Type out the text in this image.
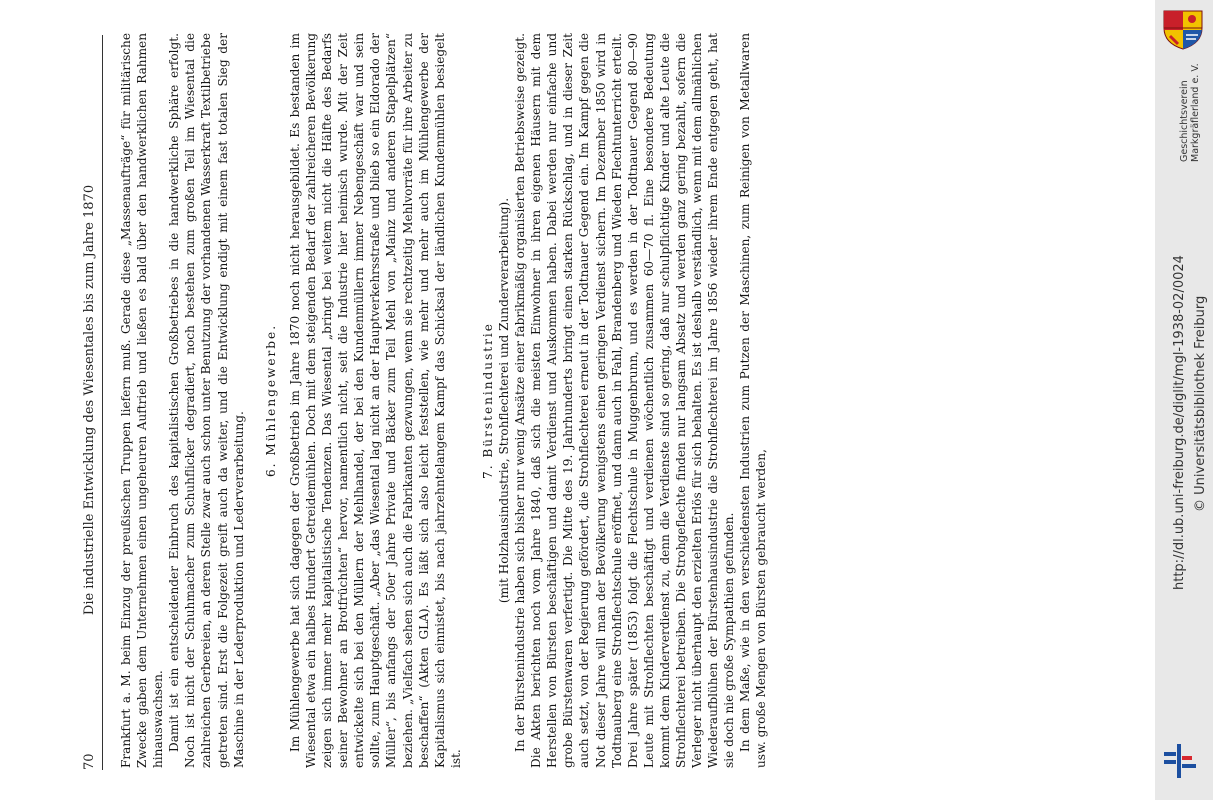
70
Die industrielle Entwicklung des Wiesentales bis zum Jahre 1870 Frankfurt a. M. beim Einzug der preußischen Truppen liefern muß. Gerade diese „Massenaufträge“ für militärische Zwecke gaben dem Unternehmen einen ungeheuren Auftrieb und ließen es bald über den handwerklichen Rahmen hinauswachsen. Damit ist ein entscheidender Einbruch des kapitalistischen Großbetriebes in die handwerkliche Sphäre erfolgt. Noch ist nicht der Schuhmacher zum Schuhflicker degradiert, noch bestehen zum großen Teil im Wiesental die zahlreichen Gerbereien, an deren Stelle zwar auch schon unter Benutzung der vorhandenen Wasserkraft Textilbetriebe getreten sind. Erst die Folgezeit greift auch da weiter, und die Entwicklung endigt mit einem fast totalen Sieg der Maschine in der Lederproduktion und Lederverarbeitung.

6. Mühlengewerbe. Im Mühlengewerbe hat sich dagegen der Großbetrieb im Jahre 1870 noch nicht herausgebildet. Es bestanden im Wiesental etwa ein halbes Hundert Getreidemühlen. Doch mit dem steigenden Bedarf der zahlreicheren Bevölkerung zeigen sich immer mehr kapitalistische Tendenzen. Das Wiesental „bringt bei weitem nicht die Hälfte des Bedarfs seiner Bewohner an Brotfrüchten“ hervor, namentlich nicht, seit die Industrie hier heimisch wurde. Mit der Zeit entwickelte sich bei den Müllern der Mehlhandel, der bei den Kundenmüllern immer Nebengeschäft war und sein sollte, zum Hauptgeschäft. „Aber „das Wiesental lag nicht an der Hauptverkehrsstraße und blieb so ein Eldorado der Müller“, bis anfangs der 50er Jahre Private und Bäcker zum Teil Mehl von „Mainz und anderen Stapelplätzen“ beziehen. „Vielfach sehen sich auch die Fabrikanten gezwungen, wenn sie rechtzeitig Mehlvorräte für ihre Arbeiter zu beschaffen“ (Akten GLA). Es läßt sich also leicht feststellen, wie mehr und mehr auch im Mühlengewerbe der Kapitalismus sich einnistet, bis nach jahrzehntelangem Kampf das Schicksal der ländlichen Kundenmühlen besiegelt ist.

7. Bürstenindustrie (mit Holzhausindustrie, Strohflechterei und Zunderverarbeitung). In der Bürstenindustrie haben sich bisher nur wenig Ansätze einer fabrikmäßig organisierten Betriebsweise gezeigt. Die Akten berichten noch vom Jahre 1840, daß sich die meisten Einwohner in ihren eigenen Häusern mit dem Herstellen von Bürsten beschäftigen und damit Verdienst und Auskommen haben. Dabei werden nur einfache und grobe Bürstenwaren verfertigt. Die Mitte des 19. Jahrhunderts bringt einen starken Rückschlag, und in dieser Zeit auch setzt, von der Regierung gefördert, die Strohflechterei erneut in der Todtnauer Gegend ein. Im Kampf gegen die Not dieser Jahre will man der Bevölkerung wenigstens einen geringen Verdienst sichern. Im Dezember 1850 wird in Todtnauberg eine Strohflechtschule eröffnet, und dann auch in Fahl, Brandenberg und Wieden Flechtunterricht erteilt. Drei Jahre später (1853) folgt die Flechtschule in Muggenbrunn, und es werden in der Todtnauer Gegend 80—90 Leute mit Strohflechten beschäftigt und verdienen wöchentlich zusammen 60—70 fl. Eine besondere Bedeutung kommt dem Kinderverdienst zu, denn die Verdienste sind so gering, daß nur schulpflichtige Kinder und alte Leute die Strohflechterei betreiben. Die Strohgeflechte finden nur langsam Absatz und werden ganz gering bezahlt, sofern die Verleger nicht überhaupt den erzielten Erlös für sich behalten. Es ist deshalb verständlich, wenn mit dem allmählichen Wiederaufblühen der Bürstenhausindustrie die Strohflechterei im Jahre 1856 wieder ihrem Ende entgegen geht, hat sie doch nie große Sympathien gefunden. In dem Maße, wie in den verschiedensten Industrien zum Putzen der Maschinen, zum Reinigen von Metallwaren usw. große Mengen von Bürsten gebraucht werden,

Geschichtsverein Markgräflerland e. V.
http://dl.ub.uni-freiburg.de/diglit/mgl-1938-02/0024 © Universitätsbibliothek Freiburg
